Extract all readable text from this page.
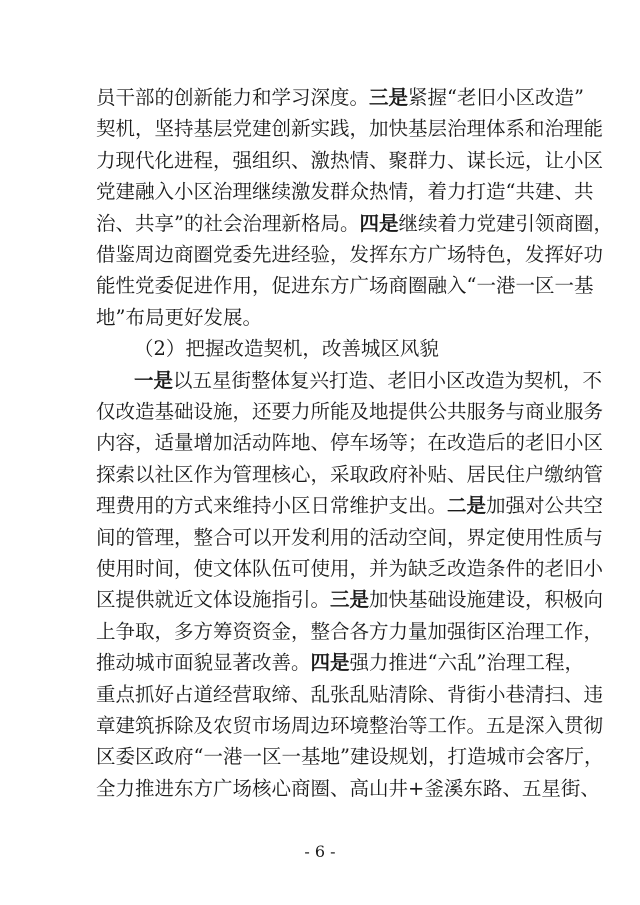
员干部的创新能力和学习深度。三是紧握“老旧小区改造”
契机，坚持基层党建创新实践，加快基层治理体系和治理能
力现代化进程，强组织、激热情、聚群力、谋长远，让小区
党建融入小区治理继续激发群众热情，着力打造“共建、共
治、共享”的社会治理新格局。四是继续着力党建引领商圈，
借鉴周边商圈党委先进经验，发挥东方广场特色，发挥好功
能性党委促进作用，促进东方广场商圈融入“一港一区一基
地”布局更好发展。
（2）把握改造契机，改善城区风貌
一是以五星街整体复兴打造、老旧小区改造为契机，不
仅改造基础设施，还要力所能及地提供公共服务与商业服务
内容，适量增加活动阵地、停车场等；在改造后的老旧小区
探索以社区作为管理核心，采取政府补贴、居民住户缴纳管
理费用的方式来维持小区日常维护支出。二是加强对公共空
间的管理，整合可以开发利用的活动空间，界定使用性质与
使用时间，使文体队伍可使用，并为缺乏改造条件的老旧小
区提供就近文体设施指引。三是加快基础设施建设，积极向
上争取，多方筹资资金，整合各方力量加强街区治理工作，
推动城市面貌显著改善。四是强力推进“六乱”治理工程，
重点抓好占道经营取缔、乱张乱贴清除、背街小巷清扫、违
章建筑拆除及农贸市场周边环境整治等工作。五是深入贯彻
区委区政府“一港一区一基地”建设规划，打造城市会客厅，
全力推进东方广场核心商圈、高山井+釜溪东路、五星街、
- 6 -
